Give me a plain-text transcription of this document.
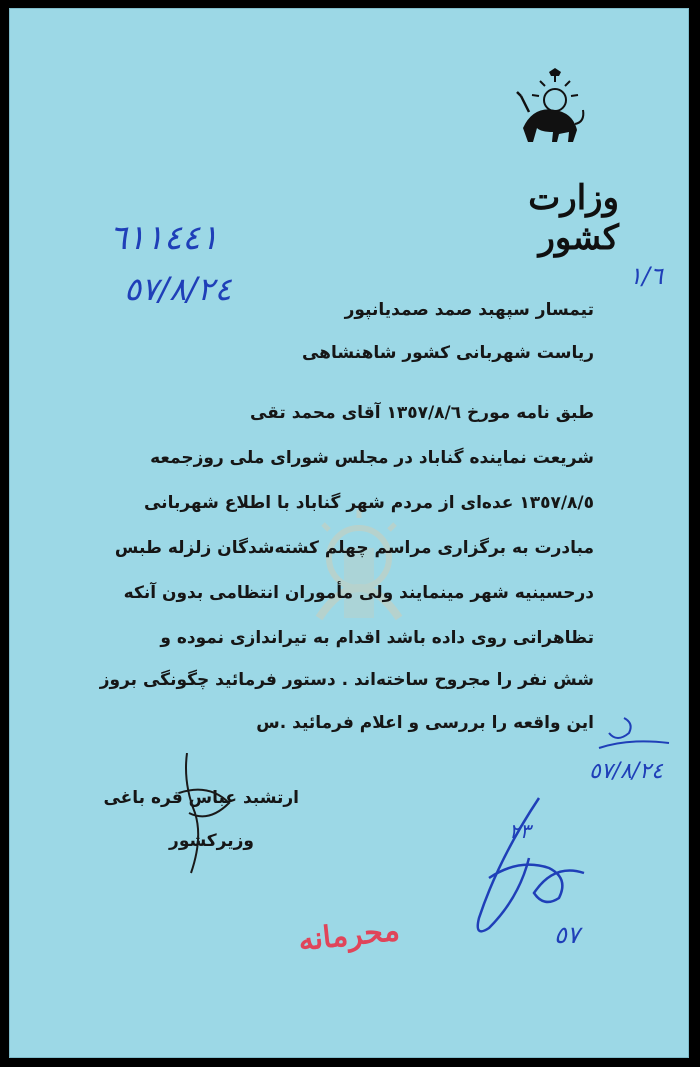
وزارت کشور
٦١١٤٤١
٥٧/٨/٢٤	١/٦
تیمسار سپهبد صمد صمدیانپور
ریاست شهربانی کشور شاهنشاهی
طبق نامه مورخ ١٣٥٧/٨/٦ آقای محمد تقی
شریعت نماینده گناباد در مجلس شورای ملی روزجمعه
١٣٥٧/٨/٥ عده‌ای از مردم شهر گناباد با اطلاع شهربانی
مبادرت به برگزاری مراسم چهلم کشته‌شدگان زلزله طبس
درحسینیه شهر مینمایند ولی مأموران انتظامی بدون آنکه
تظاهراتی روی داده باشد اقدام به تیراندازی نموده و
شش نفر را مجروح ساخته‌اند . دستور فرمائید چگونگی بروز
این واقعه را بررسی و اعلام فرمائید .س
ارتشبد عباس قره باغی
وزیرکشور
محرمانه
٥٧/٨/٢٤
٢٣
٥٧
